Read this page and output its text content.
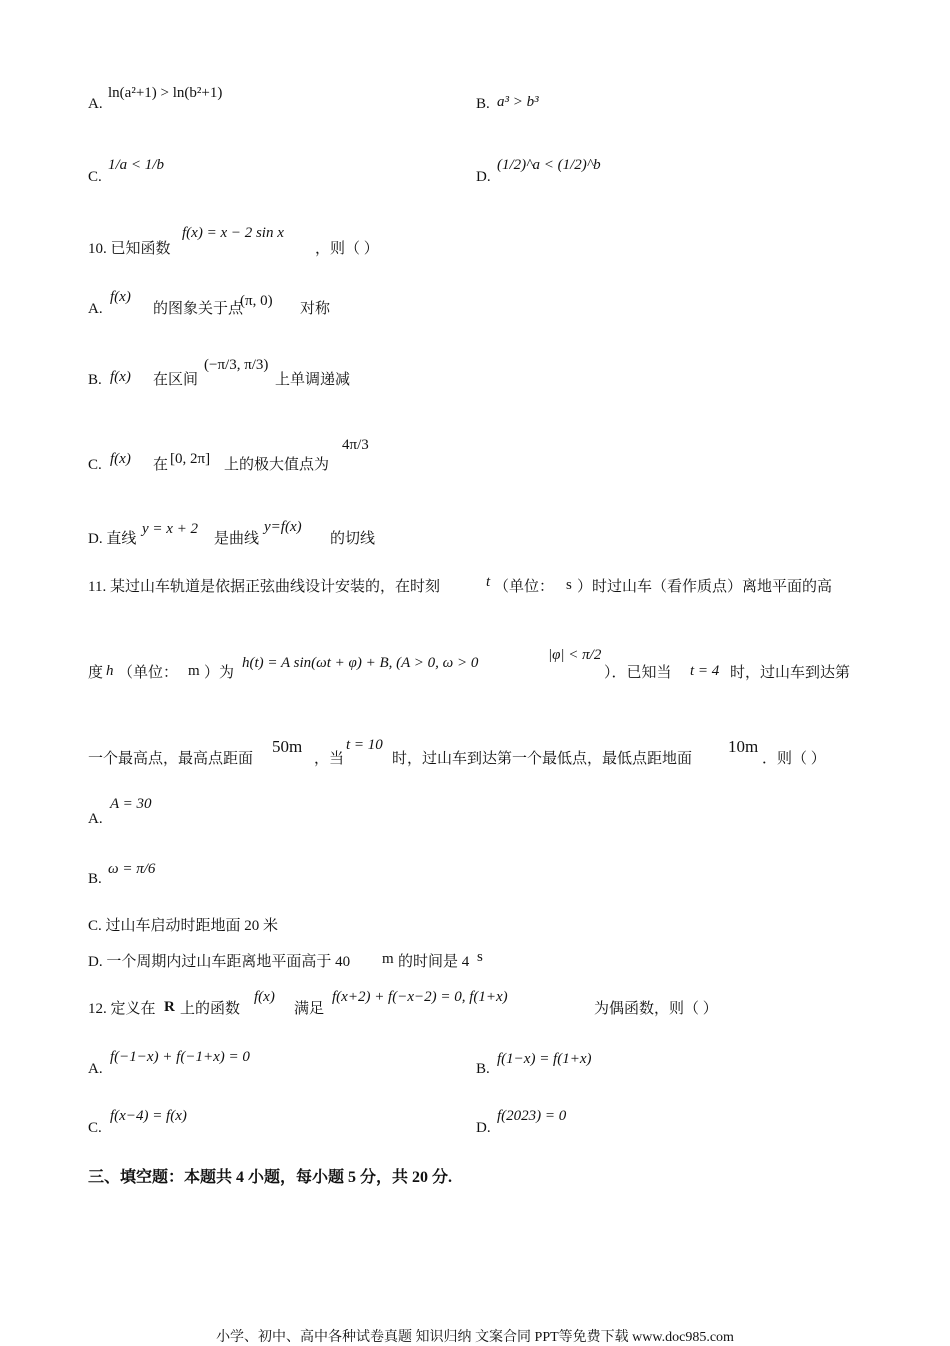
A.
ln(a²+1) > ln(b²+1)
B. a³ > b³
C.
1/a < 1/b
D.
(1/2)^a < (1/2)^b
10. 已知函数
f(x) = x − 2 sin x
，则（ ）
A.
f(x)
的图象关于点
(π, 0) 对称
B. f(x) 在区间
(−π/3, π/3)
上单调递减
C. f(x) 在 [0, 2π] 上的极大值点为
4π/3
D. 直线
y = x + 2
是曲线
y=f(x)
的切线
11. 某过山车轨道是依据正弦曲线设计安装的，在时刻	t （单位： s ）时过山车（看作质点）离地平面的高
度 h （单位： m ）为
h(t) = A sin(ωt + φ) + B, (A > 0, ω > 0	|φ| < π/2
）．已知当 t = 4 时，过山车到达第
一个最高点，最高点距面
50m
，当
t = 10
时，过山车到达第一个最低点，最低点距地面
10m
．则（ ）
A.
A = 30
B.
ω = π/6
C. 过山车启动时距地面 20 米
D. 一个周期内过山车距离地平面高于 40 m 的时间是 4 s
12. 定义在 R 上的函数
f(x)
满足
f(x+2) + f(−x−2) = 0, f(1+x)
为偶函数，则（ ）
A.
f(−1−x) + f(−1+x) = 0
B.
f(1−x) = f(1+x)
C.
f(x−4) = f(x)
D.
f(2023) = 0
三、填空题：本题共 4 小题，每小题 5 分，共 20 分.
小学、初中、高中各种试卷真题 知识归纳 文案合同 PPT等免费下载 www.doc985.com
